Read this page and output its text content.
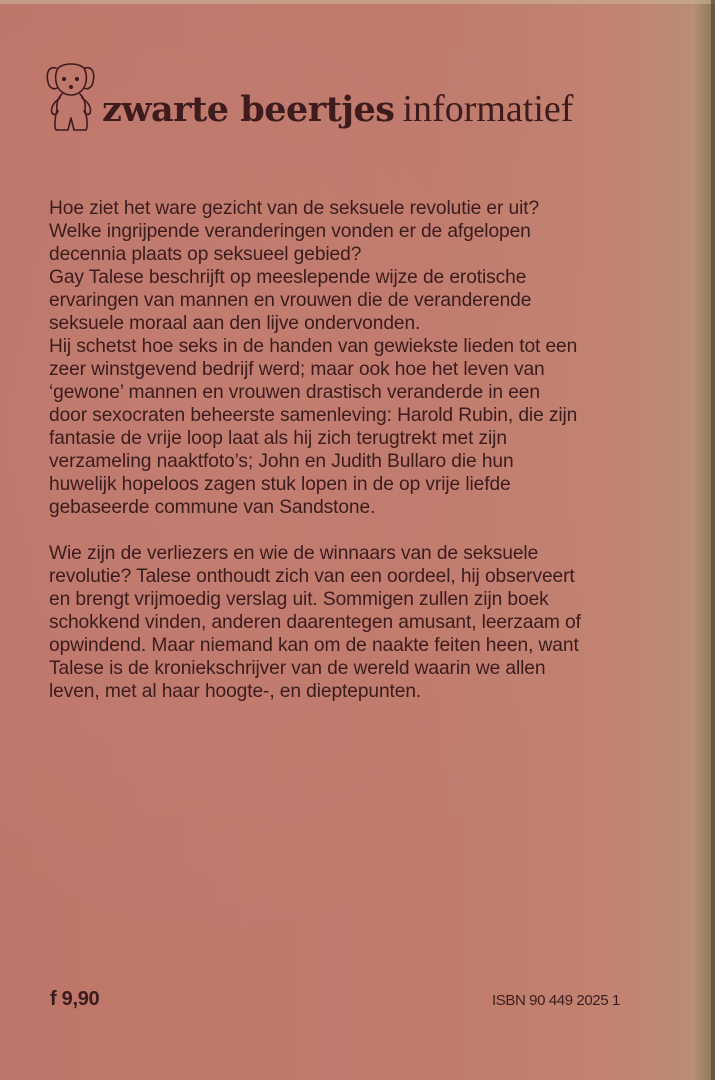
zwarte beertjes informatief
Hoe ziet het ware gezicht van de seksuele revolutie er uit?
Welke ingrijpende veranderingen vonden er de afgelopen
decennia plaats op seksueel gebied?
Gay Talese beschrijft op meeslepende wijze de erotische
ervaringen van mannen en vrouwen die de veranderende
seksuele moraal aan den lijve ondervonden.
Hij schetst hoe seks in de handen van gewiekste lieden tot een
zeer winstgevend bedrijf werd; maar ook hoe het leven van
‘gewone’ mannen en vrouwen drastisch veranderde in een
door sexocraten beheerste samenleving: Harold Rubin, die zijn
fantasie de vrije loop laat als hij zich terugtrekt met zijn
verzameling naaktfoto’s; John en Judith Bullaro die hun
huwelijk hopeloos zagen stuk lopen in de op vrije liefde
gebaseerde commune van Sandstone.
Wie zijn de verliezers en wie de winnaars van de seksuele
revolutie? Talese onthoudt zich van een oordeel, hij observeert
en brengt vrijmoedig verslag uit. Sommigen zullen zijn boek
schokkend vinden, anderen daarentegen amusant, leerzaam of
opwindend. Maar niemand kan om de naakte feiten heen, want
Talese is de kroniekschrijver van de wereld waarin we allen
leven, met al haar hoogte-, en dieptepunten.
f 9,90	ISBN 90 449 2025 1
